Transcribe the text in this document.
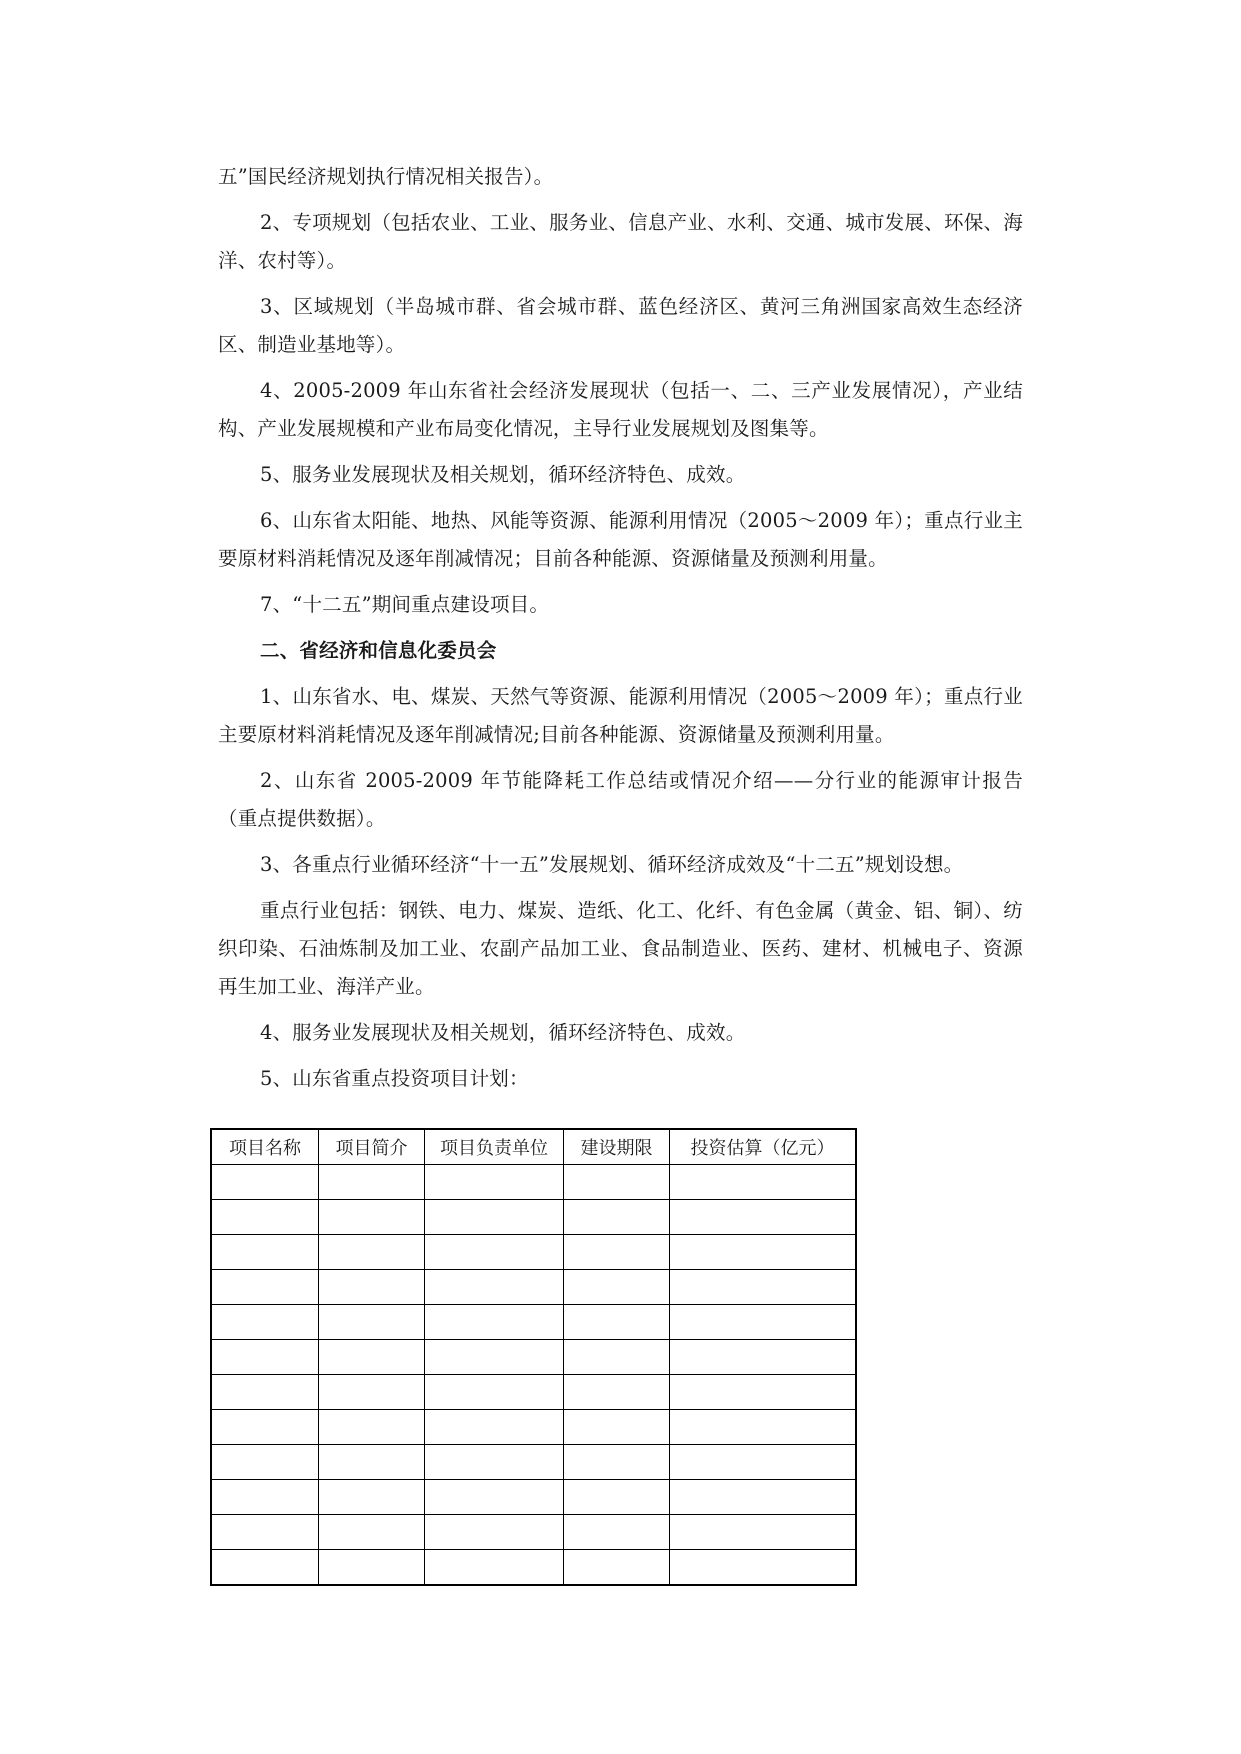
五”国民经济规划执行情况相关报告）。

2、专项规划（包括农业、工业、服务业、信息产业、水利、交通、城市发展、环保、海洋、农村等）。

3、区域规划（半岛城市群、省会城市群、蓝色经济区、黄河三角洲国家高效生态经济区、制造业基地等）。

4、2005-2009 年山东省社会经济发展现状（包括一、二、三产业发展情况），产业结构、产业发展规模和产业布局变化情况，主导行业发展规划及图集等。

5、服务业发展现状及相关规划，循环经济特色、成效。

6、山东省太阳能、地热、风能等资源、能源利用情况（2005～2009 年）；重点行业主要原材料消耗情况及逐年削减情况；目前各种能源、资源储量及预测利用量。

7、“十二五”期间重点建设项目。

二、省经济和信息化委员会

1、山东省水、电、煤炭、天然气等资源、能源利用情况（2005～2009 年）；重点行业主要原材料消耗情况及逐年削减情况;目前各种能源、资源储量及预测利用量。

2、山东省 2005-2009 年节能降耗工作总结或情况介绍——分行业的能源审计报告（重点提供数据）。

3、各重点行业循环经济“十一五”发展规划、循环经济成效及“十二五”规划设想。

重点行业包括：钢铁、电力、煤炭、造纸、化工、化纤、有色金属（黄金、铝、铜）、纺织印染、石油炼制及加工业、农副产品加工业、食品制造业、医药、建材、机械电子、资源再生加工业、海洋产业。

4、服务业发展现状及相关规划，循环经济特色、成效。

5、山东省重点投资项目计划：

项目名称	项目简介	项目负责单位	建设期限	投资估算（亿元）
